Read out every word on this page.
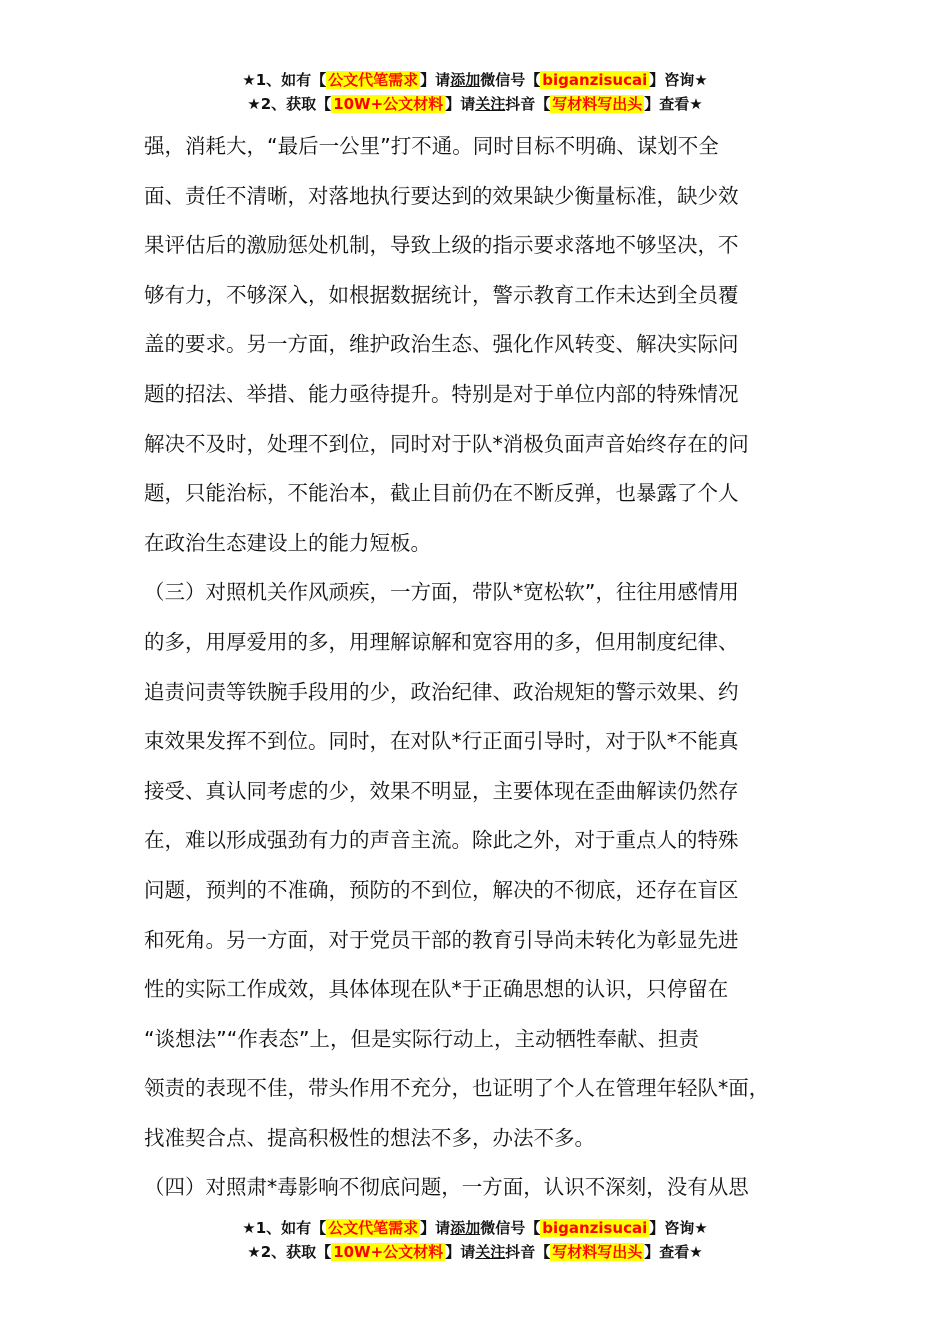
★1、如有【 公文代笔需求 】请添加微信号【 biganzisucai 】咨询★
★2、获取【 10W+公文材料 】请关注抖音【 写材料写出头 】查看★
强，消耗大，“最后一公里”打不通。同时目标不明确、谋划不全
面、责任不清晰，对落地执行要达到的效果缺少衡量标准，缺少效
果评估后的激励惩处机制，导致上级的指示要求落地不够坚决，不
够有力，不够深入，如根据数据统计，警示教育工作未达到全员覆
盖的要求。另一方面，维护政治生态、强化作风转变、解决实际问
题的招法、举措、能力亟待提升。特别是对于单位内部的特殊情况
解决不及时，处理不到位，同时对于队*消极负面声音始终存在的问
题，只能治标，不能治本，截止目前仍在不断反弹，也暴露了个人
在政治生态建设上的能力短板。
（三）对照机关作风顽疾，一方面，带队*宽松软”，往往用感情用
的多，用厚爱用的多，用理解谅解和宽容用的多，但用制度纪律、
追责问责等铁腕手段用的少，政治纪律、政治规矩的警示效果、约
束效果发挥不到位。同时，在对队*行正面引导时，对于队*不能真
接受、真认同考虑的少，效果不明显，主要体现在歪曲解读仍然存
在，难以形成强劲有力的声音主流。除此之外，对于重点人的特殊
问题，预判的不准确，预防的不到位，解决的不彻底，还存在盲区
和死角。另一方面，对于党员干部的教育引导尚未转化为彰显先进
性的实际工作成效，具体体现在队*于正确思想的认识，只停留在
“谈想法”“作表态”上，但是实际行动上，主动牺牲奉献、担责
领责的表现不佳，带头作用不充分，也证明了个人在管理年轻队*面，
找准契合点、提高积极性的想法不多，办法不多。
（四）对照肃*毒影响不彻底问题，一方面，认识不深刻，没有从思
★1、如有【 公文代笔需求 】请添加微信号【 biganzisucai 】咨询★
★2、获取【 10W+公文材料 】请关注抖音【 写材料写出头 】查看★
